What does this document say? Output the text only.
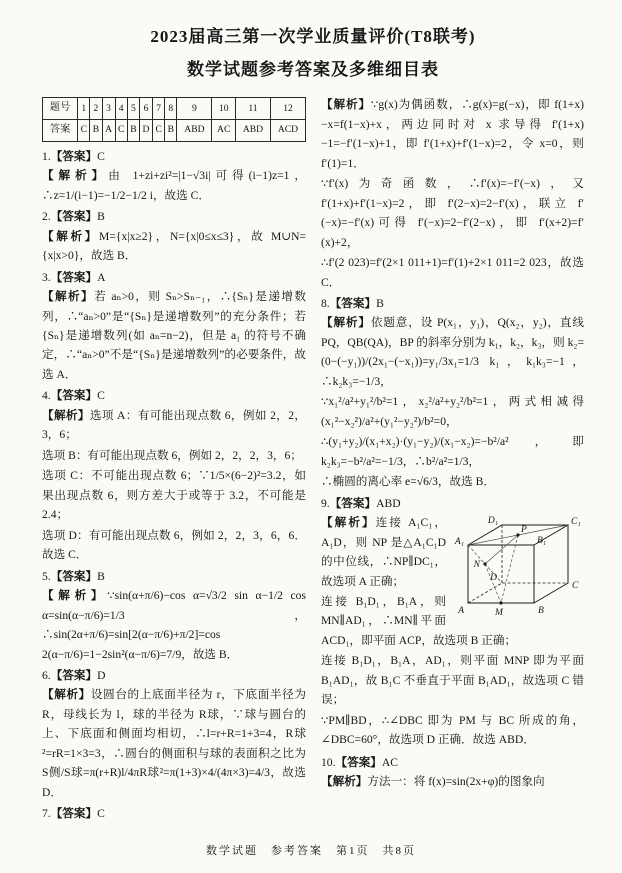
2023届高三第一次学业质量评价(T8联考)
数学试题参考答案及多维细目表
题号	1	2	3	4	5	6	7	8	9	10	11	12
答案	C	B	A	C	B	D	C	B	ABD	AC	ABD	ACD

1.【答案】C

【解析】由 1+zi+zi²=|1−√3i|可得(i−1)z=1，∴z=1/(i−1)=−1/2−1/2 i，故选 C．

2.【答案】B

【解析】M={x|x≥2}，N={x|0≤x≤3}，故 M∪N={x|x>0}，故选 B．

3.【答案】A

【解析】若 aₙ>0，则 Sₙ>Sₙ₋₁，∴{Sₙ}是递增数列，∴“aₙ>0”是“{Sₙ}是递增数列”的充分条件；若{Sₙ}是递增数列(如 aₙ=n−2)，但是 a₁ 的符号不确定，∴“aₙ>0”不是“{Sₙ}是递增数列”的必要条件，故选 A．

4.【答案】C

【解析】选项 A：有可能出现点数 6，例如 2，2，3，6；

选项 B：有可能出现点数 6，例如 2，2，2，3，6；

选项 C：不可能出现点数 6；∵1/5×(6−2)²=3.2，如果出现点数 6，则方差大于或等于 3.2，不可能是 2.4；

选项 D：有可能出现点数 6，例如 2，2，3，6，6．故选 C．

5.【答案】B

【解析】∵sin(α+π/6)−cos α=√3/2 sin α−1/2 cos α=sin(α−π/6)=1/3，∴sin(2α+π/6)=sin[2(α−π/6)+π/2]=cos 2(α−π/6)=1−2sin²(α−π/6)=7/9，故选 B．

6.【答案】D

【解析】设圆台的上底面半径为 r，下底面半径为 R，母线长为 l，球的半径为 R球，∵球与圆台的上、下底面和侧面均相切，∴l=r+R=1+3=4，R球²=rR=1×3=3，∴圆台的侧面积与球的表面积之比为 S侧/S球=π(r+R)l/4πR球²=π(1+3)×4/(4π×3)=4/3，故选 D．

7.【答案】C

【解析】∵g(x)为偶函数，∴g(x)=g(−x)，即 f(1+x)−x=f(1−x)+x，两边同时对 x 求导得 f′(1+x)−1=−f′(1−x)+1，即 f′(1+x)+f′(1−x)=2，令 x=0，则 f′(1)=1．

∵f′(x)为奇函数，∴f′(x)=−f′(−x)，又 f′(1+x)+f′(1−x)=2，即 f′(2−x)=2−f′(x)，联立 f′(−x)=−f′(x)可得 f′(−x)=2−f′(2−x)，即 f′(x+2)=f′(x)+2，

∴f′(2 023)=f′(2×1 011+1)=f′(1)+2×1 011=2 023，故选 C．

8.【答案】B

【解析】依题意，设 P(x₁，y₁)，Q(x₂，y₂)，直线 PQ，QB(QA)，BP 的斜率分别为 k₁，k₂，k₃，则 k₂=(0−(−y₁))/(2x₁−(−x₁))=y₁/3x₁=1/3 k₁，k₁k₃=−1，∴k₂k₃=−1/3，

∵x₁²/a²+y₁²/b²=1，x₂²/a²+y₂²/b²=1，两式相减得(x₁²−x₂²)/a²+(y₁²−y₂²)/b²=0，

∴(y₁+y₂)/(x₁+x₂)·(y₁−y₂)/(x₁−x₂)=−b²/a²，即 k₂k₃=−b²/a²=−1/3，∴b²/a²=1/3，

∴椭圆的离心率 e=√6/3，故选 B．

9.【答案】ABD

D₁	C₁
A₁	B₁
P
N
M
D
C
A	B

【解析】连接 A₁C₁，A₁D，则 NP 是△A₁C₁D 的中位线，∴NP∥DC₁，故选项 A 正确；

连接 B₁D₁，B₁A，则 MN∥AD₁，∴MN∥平面 ACD₁，即平面 ACP，故选项 B 正确；

连接 B₁D₁，B₁A，AD₁，则平面 MNP 即为平面 B₁AD₁，故 B₁C 不垂直于平面 B₁AD₁，故选项 C 错误；

∵PM∥BD，∴∠DBC 即为 PM 与 BC 所成的角，∠DBC=60°，故选项 D 正确．故选 ABD．

10.【答案】AC

【解析】方法一：将 f(x)=sin(2x+φ)的图象向

数学试题　参考答案　第1页　共8页
